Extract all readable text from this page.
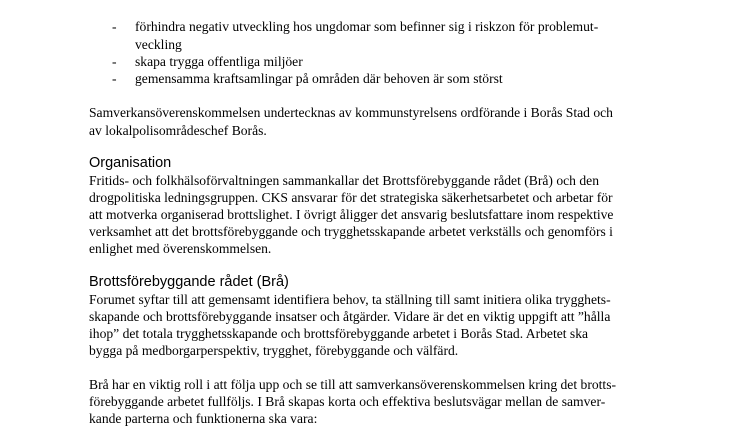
- förhindra negativ utveckling hos ungdomar som befinner sig i riskzon för problemut-
veckling
- skapa trygga offentliga miljöer
- gemensamma kraftsamlingar på områden där behoven är som störst
Samverkansöverenskommelsen undertecknas av kommunstyrelsens ordförande i Borås Stad och
av lokalpolisområdeschef Borås.
Organisation
Fritids- och folkhälsoförvaltningen sammankallar det Brottsförebyggande rådet (Brå) och den
drogpolitiska ledningsgruppen. CKS ansvarar för det strategiska säkerhetsarbetet och arbetar för
att motverka organiserad brottslighet. I övrigt åligger det ansvarig beslutsfattare inom respektive
verksamhet att det brottsförebyggande och trygghetsskapande arbetet verkställs och genomförs i
enlighet med överenskommelsen.
Brottsförebyggande rådet (Brå)
Forumet syftar till att gemensamt identifiera behov, ta ställning till samt initiera olika trygghets-
skapande och brottsförebyggande insatser och åtgärder. Vidare är det en viktig uppgift att ”hålla
ihop” det totala trygghetsskapande och brottsförebyggande arbetet i Borås Stad. Arbetet ska
bygga på medborgarperspektiv, trygghet, förebyggande och välfärd.
Brå har en viktig roll i att följa upp och se till att samverkansöverenskommelsen kring det brotts-
förebyggande arbetet fullföljs. I Brå skapas korta och effektiva beslutsvägar mellan de samver-
kande parterna och funktionerna ska vara:
